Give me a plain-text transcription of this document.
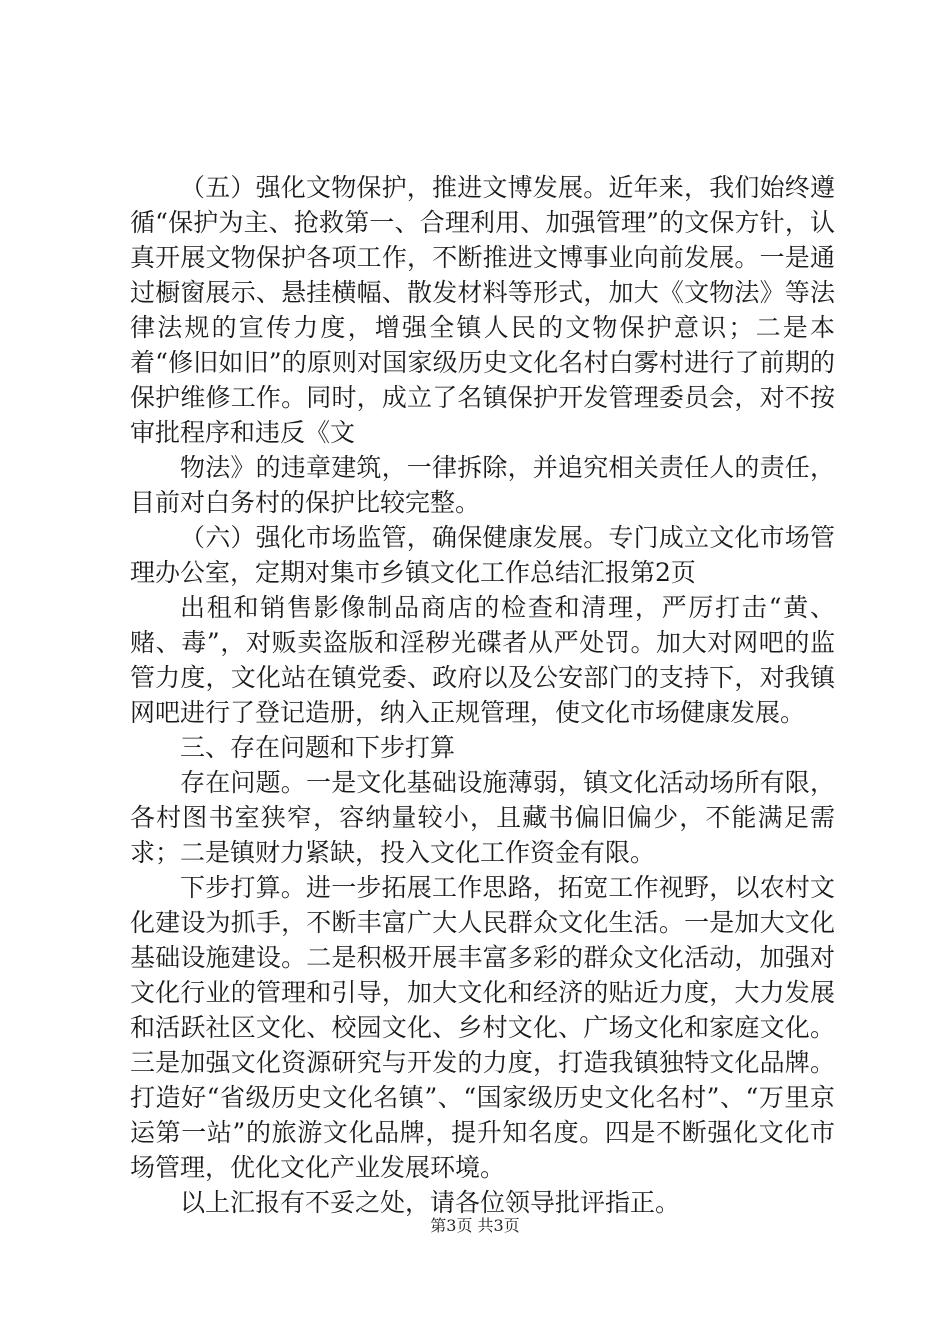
（五）强化文物保护，推进文博发展。近年来，我们始终遵循“保护为主、抢救第一、合理利用、加强管理”的文保方针，认真开展文物保护各项工作，不断推进文博事业向前发展。一是通过橱窗展示、悬挂横幅、散发材料等形式，加大《文物法》等法律法规的宣传力度，增强全镇人民的文物保护意识；二是本着“修旧如旧”的原则对国家级历史文化名村白雾村进行了前期的保护维修工作。同时，成立了名镇保护开发管理委员会，对不按审批程序和违反《文

物法》的违章建筑，一律拆除，并追究相关责任人的责任，目前对白务村的保护比较完整。

（六）强化市场监管，确保健康发展。专门成立文化市场管理办公室，定期对集市乡镇文化工作总结汇报第2页

出租和销售影像制品商店的检查和清理，严厉打击“黄、赌、毒”，对贩卖盗版和淫秽光碟者从严处罚。加大对网吧的监管力度，文化站在镇党委、政府以及公安部门的支持下，对我镇网吧进行了登记造册，纳入正规管理，使文化市场健康发展。

三、存在问题和下步打算

存在问题。一是文化基础设施薄弱，镇文化活动场所有限，各村图书室狭窄，容纳量较小，且藏书偏旧偏少，不能满足需求；二是镇财力紧缺，投入文化工作资金有限。

下步打算。进一步拓展工作思路，拓宽工作视野，以农村文化建设为抓手，不断丰富广大人民群众文化生活。一是加大文化基础设施建设。二是积极开展丰富多彩的群众文化活动，加强对文化行业的管理和引导，加大文化和经济的贴近力度，大力发展和活跃社区文化、校园文化、乡村文化、广场文化和家庭文化。三是加强文化资源研究与开发的力度，打造我镇独特文化品牌。打造好“省级历史文化名镇”、“国家级历史文化名村”、“万里京运第一站”的旅游文化品牌，提升知名度。四是不断强化文化市场管理，优化文化产业发展环境。

以上汇报有不妥之处，请各位领导批评指正。

第3页 共3页
